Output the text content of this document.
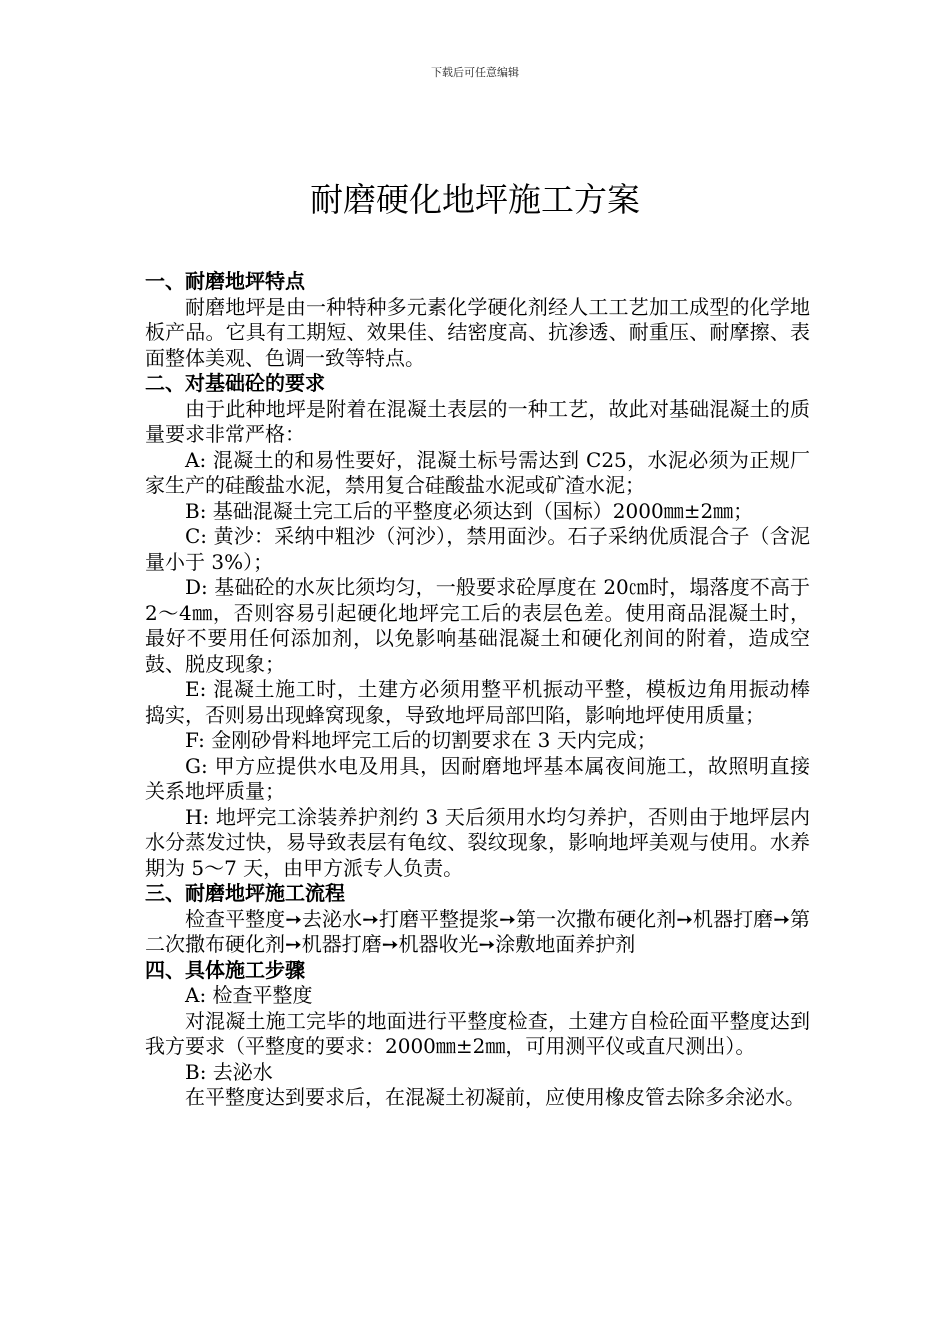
下载后可任意编辑
耐磨硬化地坪施工方案

一、耐磨地坪特点

耐磨地坪是由一种特种多元素化学硬化剂经人工工艺加工成型的化学地板产品。它具有工期短、效果佳、结密度高、抗渗透、耐重压、耐摩擦、表面整体美观、色调一致等特点。

二、对基础砼的要求

由于此种地坪是附着在混凝土表层的一种工艺，故此对基础混凝土的质量要求非常严格：

A: 混凝土的和易性要好，混凝土标号需达到 C25，水泥必须为正规厂家生产的硅酸盐水泥，禁用复合硅酸盐水泥或矿渣水泥；

B: 基础混凝土完工后的平整度必须达到（国标）2000㎜±2㎜；

C: 黄沙：采纳中粗沙（河沙），禁用面沙。石子采纳优质混合子（含泥量小于 3%）；

D: 基础砼的水灰比须均匀，一般要求砼厚度在 20㎝时，塌落度不高于 2～4㎜，否则容易引起硬化地坪完工后的表层色差。使用商品混凝土时，最好不要用任何添加剂，以免影响基础混凝土和硬化剂间的附着，造成空鼓、脱皮现象；

E: 混凝土施工时，土建方必须用整平机振动平整，模板边角用振动棒捣实，否则易出现蜂窝现象，导致地坪局部凹陷，影响地坪使用质量；

F: 金刚砂骨料地坪完工后的切割要求在 3 天内完成；

G: 甲方应提供水电及用具，因耐磨地坪基本属夜间施工，故照明直接关系地坪质量；

H: 地坪完工涂装养护剂约 3 天后须用水均匀养护，否则由于地坪层内水分蒸发过快，易导致表层有龟纹、裂纹现象，影响地坪美观与使用。水养期为 5～7 天，由甲方派专人负责。

三、耐磨地坪施工流程

检查平整度➙去泌水➙打磨平整提浆➙第一次撒布硬化剂➙机器打磨➙第二次撒布硬化剂➙机器打磨➙机器收光➙涂敷地面养护剂

四、具体施工步骤

A: 检查平整度

对混凝土施工完毕的地面进行平整度检查，土建方自检砼面平整度达到我方要求（平整度的要求：2000㎜±2㎜，可用测平仪或直尺测出）。

B: 去泌水

在平整度达到要求后，在混凝土初凝前，应使用橡皮管去除多余泌水。
